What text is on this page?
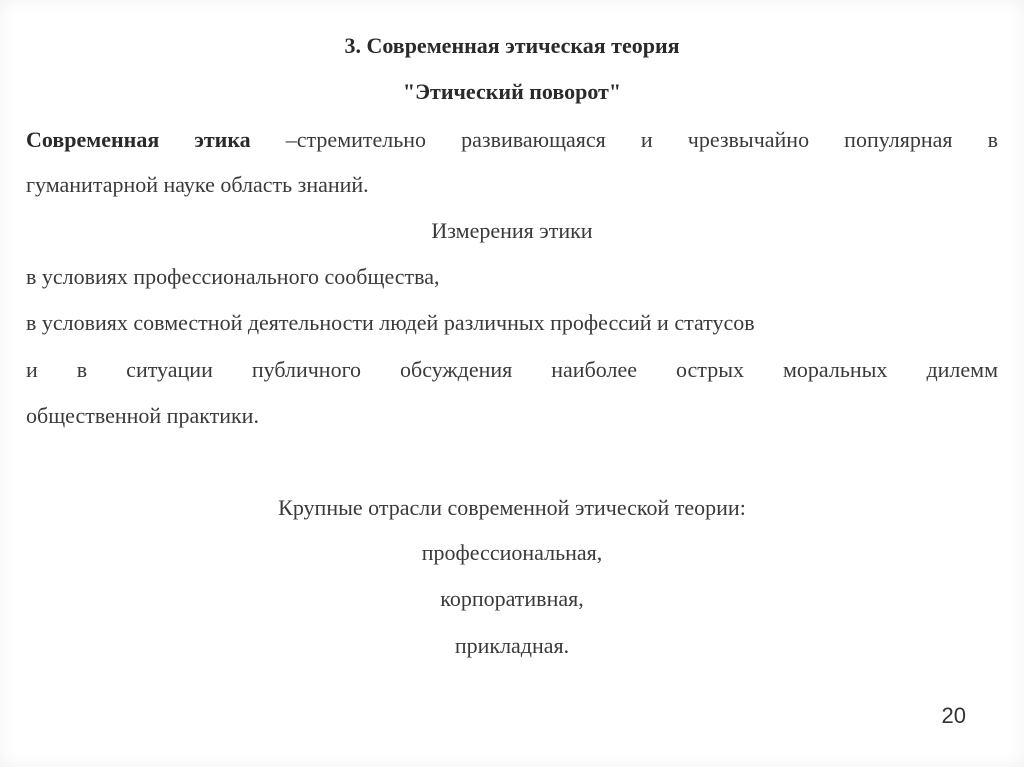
3. Современная этическая теория
"Этический поворот"
Современная этика –стремительно развивающаяся и чрезвычайно популярная в
гуманитарной науке область знаний.
Измерения этики
в условиях профессионального сообщества,
в условиях совместной деятельности людей различных профессий и статусов
и в ситуации публичного обсуждения наиболее острых моральных дилемм
общественной практики.
Крупные отрасли современной этической теории:
профессиональная,
корпоративная,
прикладная.
20
